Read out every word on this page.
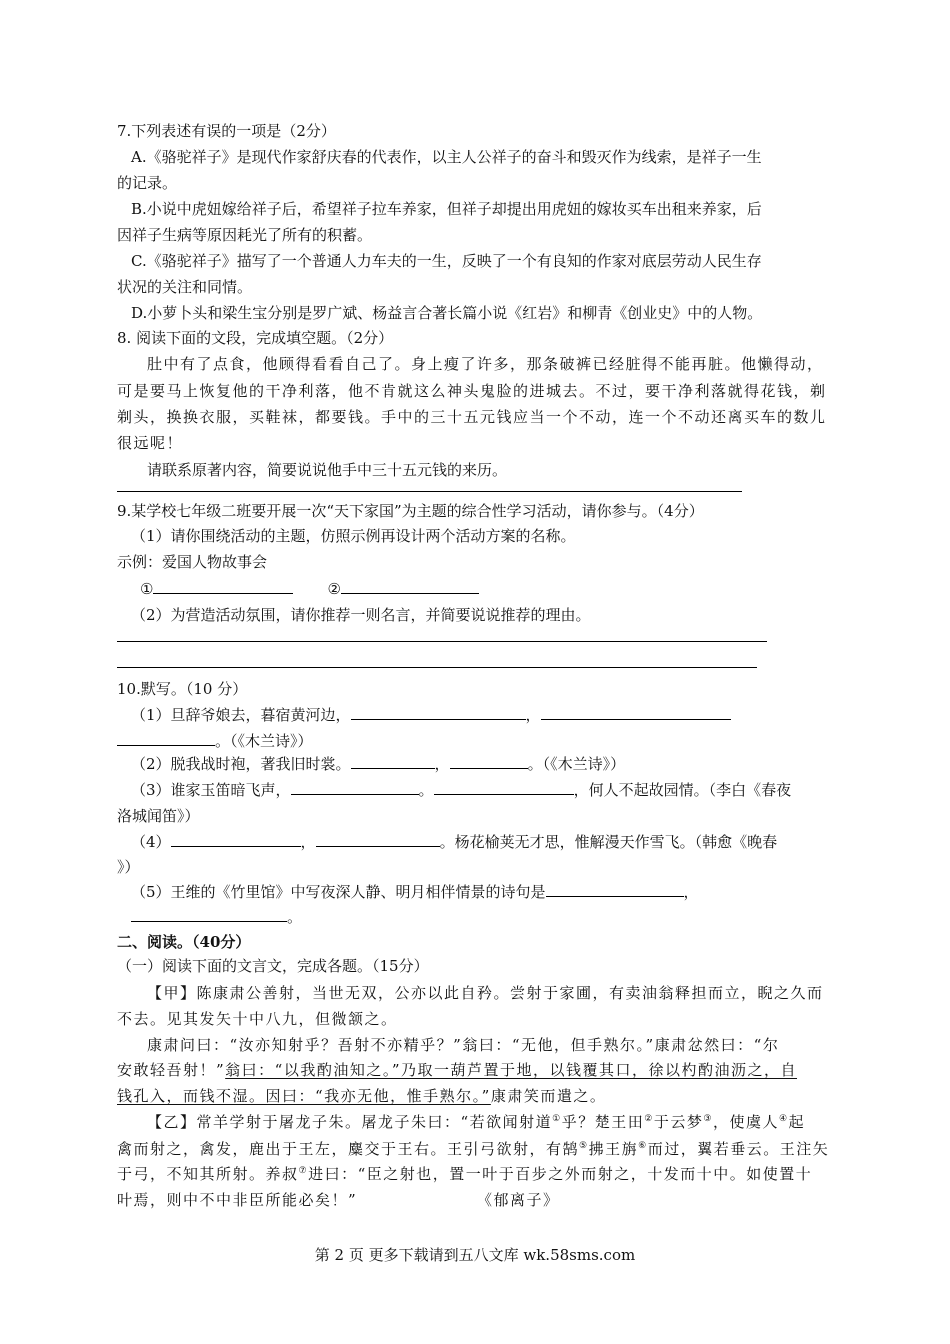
7.下列表述有误的一项是（2分）
A.《骆驼祥子》是现代作家舒庆春的代表作，以主人公祥子的奋斗和毁灭作为线索，是祥子一生
的记录。
B.小说中虎妞嫁给祥子后，希望祥子拉车养家，但祥子却提出用虎妞的嫁妆买车出租来养家，后
因祥子生病等原因耗光了所有的积蓄。
C.《骆驼祥子》描写了一个普通人力车夫的一生，反映了一个有良知的作家对底层劳动人民生存
状况的关注和同情。
D.小萝卜头和梁生宝分别是罗广斌、杨益言合著长篇小说《红岩》和柳青《创业史》中的人物。
8. 阅读下面的文段，完成填空题。（2分）
肚中有了点食，他顾得看看自己了。身上瘦了许多，那条破裤已经脏得不能再脏。他懒得动，
可是要马上恢复他的干净利落，他不肯就这么神头鬼脸的进城去。不过，要干净利落就得花钱，剃
剃头，换换衣服，买鞋袜，都要钱。手中的三十五元钱应当一个不动，连一个不动还离买车的数儿
很远呢！
请联系原著内容，简要说说他手中三十五元钱的来历。
9.某学校七年级二班要开展一次“天下家国”为主题的综合性学习活动，请你参与。（4分）
（1）请你围绕活动的主题，仿照示例再设计两个活动方案的名称。
示例：爱国人物故事会
①	②
（2）为营造活动氛围，请你推荐一则名言，并简要说说推荐的理由。
10.默写。（10 分）
（1）旦辞爷娘去，暮宿黄河边，	，
。（《木兰诗》）
（2）脱我战时袍，著我旧时裳。	，	。（《木兰诗》）
（3）谁家玉笛暗飞声，	。	，何人不起故园情。（李白《春夜
洛城闻笛》）
（4）	，	。杨花榆荚无才思，惟解漫天作雪飞。（韩愈《晚春
》）
（5）王维的《竹里馆》中写夜深人静、明月相伴情景的诗句是	，
。
二、阅读。（40分）
（一）阅读下面的文言文，完成各题。（15分）
【甲】陈康肃公善射，当世无双，公亦以此自矜。尝射于家圃，有卖油翁释担而立，睨之久而
不去。见其发矢十中八九，但微颔之。
康肃问曰：“汝亦知射乎？吾射不亦精乎？”翁曰：“无他，但手熟尔。”康肃忿然曰：“尔
安敢轻吾射！”翁曰：“以我酌油知之。”乃取一葫芦置于地，以钱覆其口，徐以杓酌油沥之，自
钱孔入，而钱不湿。因曰：“我亦无他，惟手熟尔。”康肃笑而遣之。
【乙】常羊学射于屠龙子朱。屠龙子朱曰：“若欲闻射道①乎？楚王田②于云梦③，使虞人④起
禽而射之，禽发，鹿出于王左，麋交于王右。王引弓欲射，有鹄⑤拂王旃⑥而过，翼若垂云。王注矢
于弓，不知其所射。养叔⑦进曰：“臣之射也，置一叶于百步之外而射之，十发而十中。如使置十
叶焉，则中不中非臣所能必矣！”	《郁离子》
第 2 页 更多下载请到五八文库 wk.58sms.com
